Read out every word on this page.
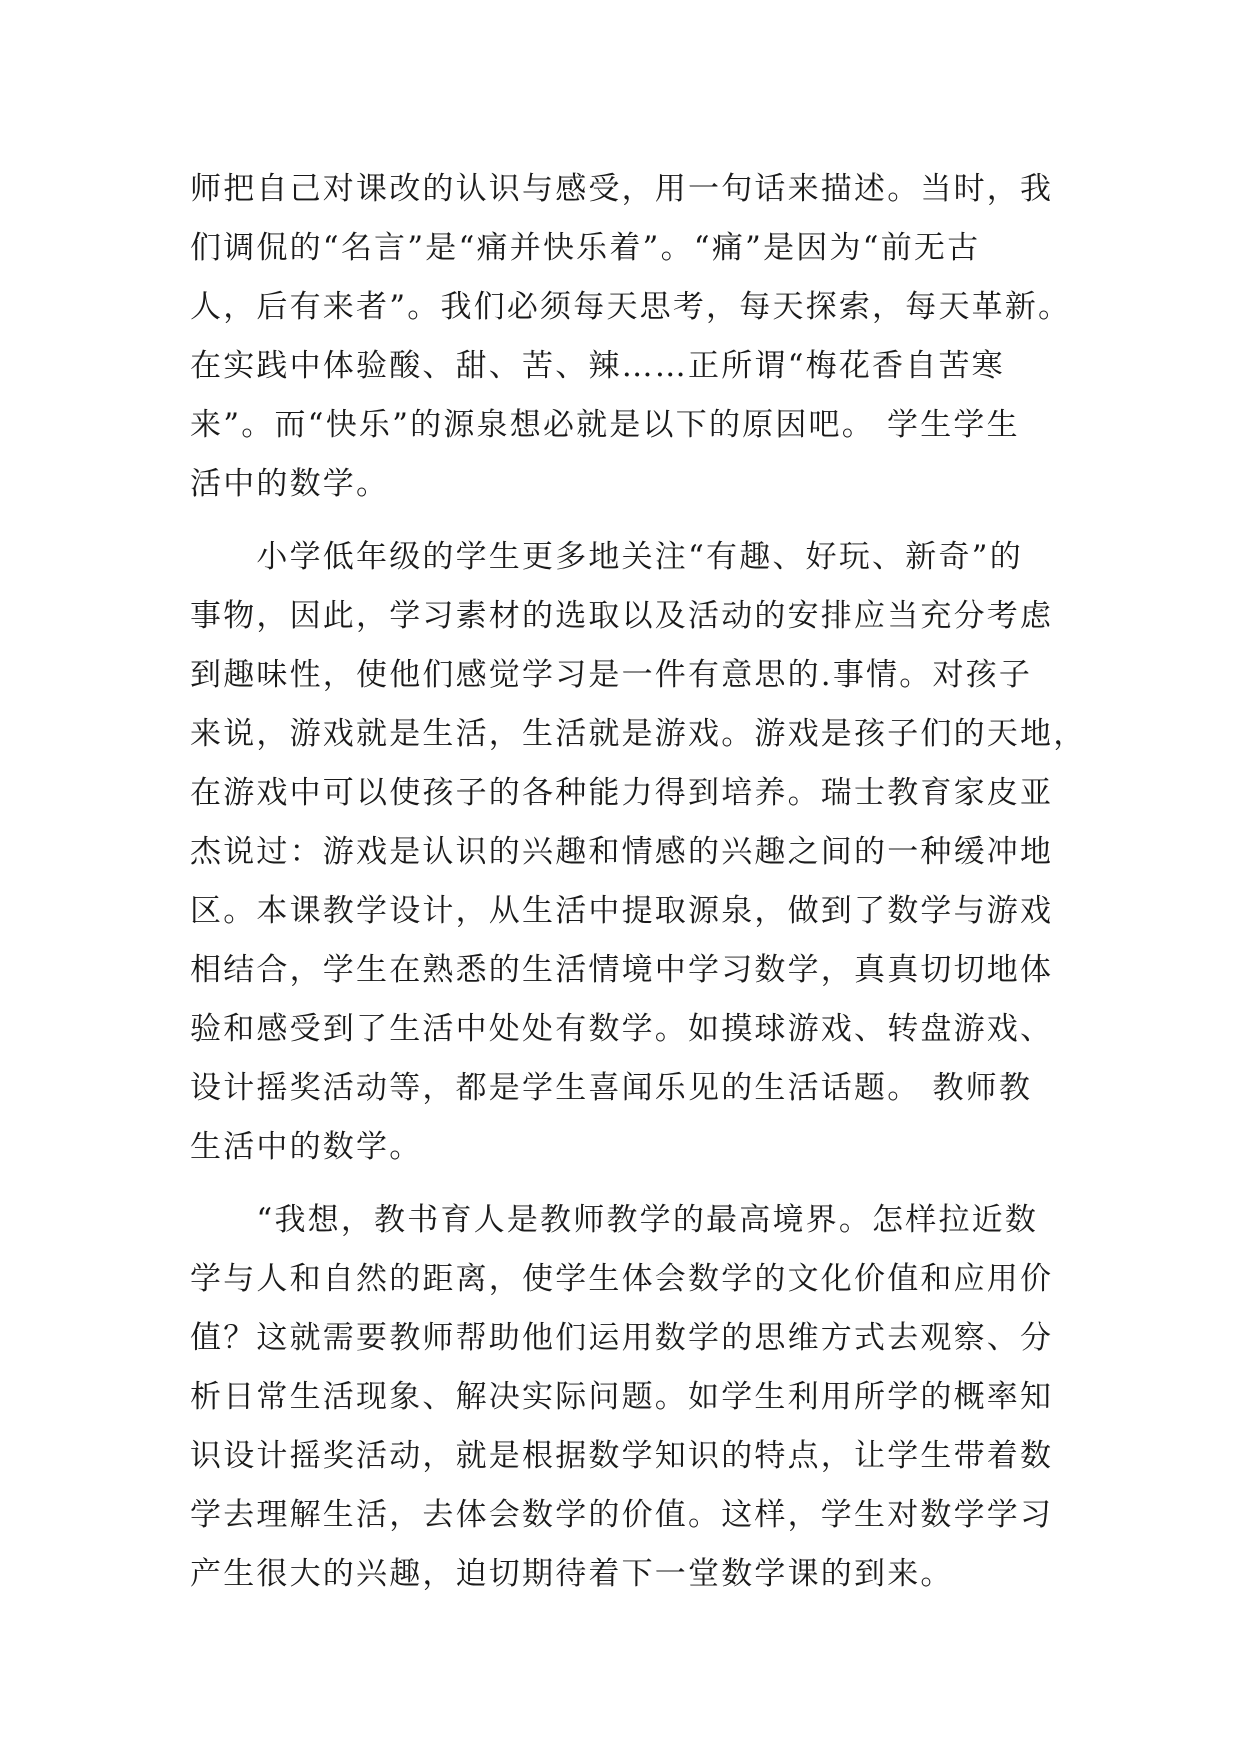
师把自己对课改的认识与感受，用一句话来描述。当时，我
们调侃的“名言”是“痛并快乐着”。“痛”是因为“前无古
人，后有来者”。我们必须每天思考，每天探索，每天革新。
在实践中体验酸、甜、苦、辣……正所谓“梅花香自苦寒
来”。而“快乐”的源泉想必就是以下的原因吧。 学生学生
活中的数学。
　　小学低年级的学生更多地关注“有趣、好玩、新奇”的
事物，因此，学习素材的选取以及活动的安排应当充分考虑
到趣味性，使他们感觉学习是一件有意思的.事情。对孩子
来说，游戏就是生活，生活就是游戏。游戏是孩子们的天地，
在游戏中可以使孩子的各种能力得到培养。瑞士教育家皮亚
杰说过：游戏是认识的兴趣和情感的兴趣之间的一种缓冲地
区。本课教学设计，从生活中提取源泉，做到了数学与游戏
相结合，学生在熟悉的生活情境中学习数学，真真切切地体
验和感受到了生活中处处有数学。如摸球游戏、转盘游戏、
设计摇奖活动等，都是学生喜闻乐见的生活话题。 教师教
生活中的数学。
　　“我想，教书育人是教师教学的最高境界。怎样拉近数
学与人和自然的距离，使学生体会数学的文化价值和应用价
值？这就需要教师帮助他们运用数学的思维方式去观察、分
析日常生活现象、解决实际问题。如学生利用所学的概率知
识设计摇奖活动，就是根据数学知识的特点，让学生带着数
学去理解生活，去体会数学的价值。这样，学生对数学学习
产生很大的兴趣，迫切期待着下一堂数学课的到来。
